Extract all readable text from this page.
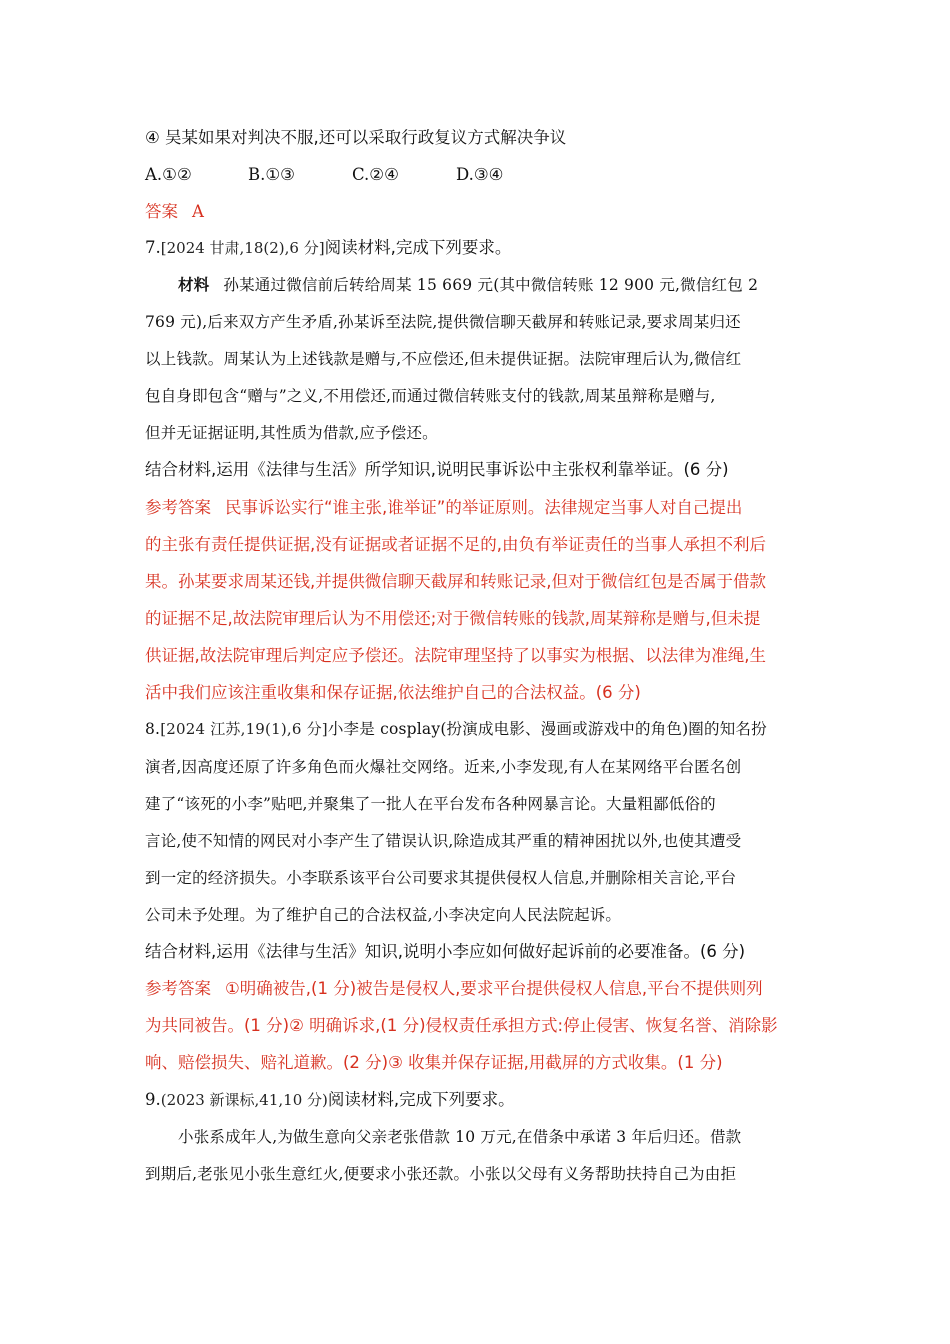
④ 吴某如果对判决不服,还可以采取行政复议方式解决争议
A.①②	B.①③	C.②④	D.③④
答案 A
7.[2024 甘肃,18(2),6 分]阅读材料,完成下列要求。
材料 孙某通过微信前后转给周某 15 669 元(其中微信转账 12 900 元,微信红包 2
769 元),后来双方产生矛盾,孙某诉至法院,提供微信聊天截屏和转账记录,要求周某归还
以上钱款。周某认为上述钱款是赠与,不应偿还,但未提供证据。法院审理后认为,微信红
包自身即包含“赠与”之义,不用偿还,而通过微信转账支付的钱款,周某虽辩称是赠与,
但并无证据证明,其性质为借款,应予偿还。
结合材料,运用《法律与生活》所学知识,说明民事诉讼中主张权利靠举证。(6 分)
参考答案 民事诉讼实行“谁主张,谁举证”的举证原则。法律规定当事人对自己提出
的主张有责任提供证据,没有证据或者证据不足的,由负有举证责任的当事人承担不利后
果。孙某要求周某还钱,并提供微信聊天截屏和转账记录,但对于微信红包是否属于借款
的证据不足,故法院审理后认为不用偿还;对于微信转账的钱款,周某辩称是赠与,但未提
供证据,故法院审理后判定应予偿还。法院审理坚持了以事实为根据、以法律为准绳,生
活中我们应该注重收集和保存证据,依法维护自己的合法权益。(6 分)
8.[2024 江苏,19(1),6 分]小李是 cosplay(扮演成电影、漫画或游戏中的角色)圈的知名扮
演者,因高度还原了许多角色而火爆社交网络。近来,小李发现,有人在某网络平台匿名创
建了“该死的小李”贴吧,并聚集了一批人在平台发布各种网暴言论。大量粗鄙低俗的
言论,使不知情的网民对小李产生了错误认识,除造成其严重的精神困扰以外,也使其遭受
到一定的经济损失。小李联系该平台公司要求其提供侵权人信息,并删除相关言论,平台
公司未予处理。为了维护自己的合法权益,小李决定向人民法院起诉。
结合材料,运用《法律与生活》知识,说明小李应如何做好起诉前的必要准备。(6 分)
参考答案 ①明确被告,(1 分)被告是侵权人,要求平台提供侵权人信息,平台不提供则列
为共同被告。(1 分)② 明确诉求,(1 分)侵权责任承担方式:停止侵害、恢复名誉、消除影
响、赔偿损失、赔礼道歉。(2 分)③ 收集并保存证据,用截屏的方式收集。(1 分)
9.(2023 新课标,41,10 分)阅读材料,完成下列要求。
小张系成年人,为做生意向父亲老张借款 10 万元,在借条中承诺 3 年后归还。借款
到期后,老张见小张生意红火,便要求小张还款。小张以父母有义务帮助扶持自己为由拒
